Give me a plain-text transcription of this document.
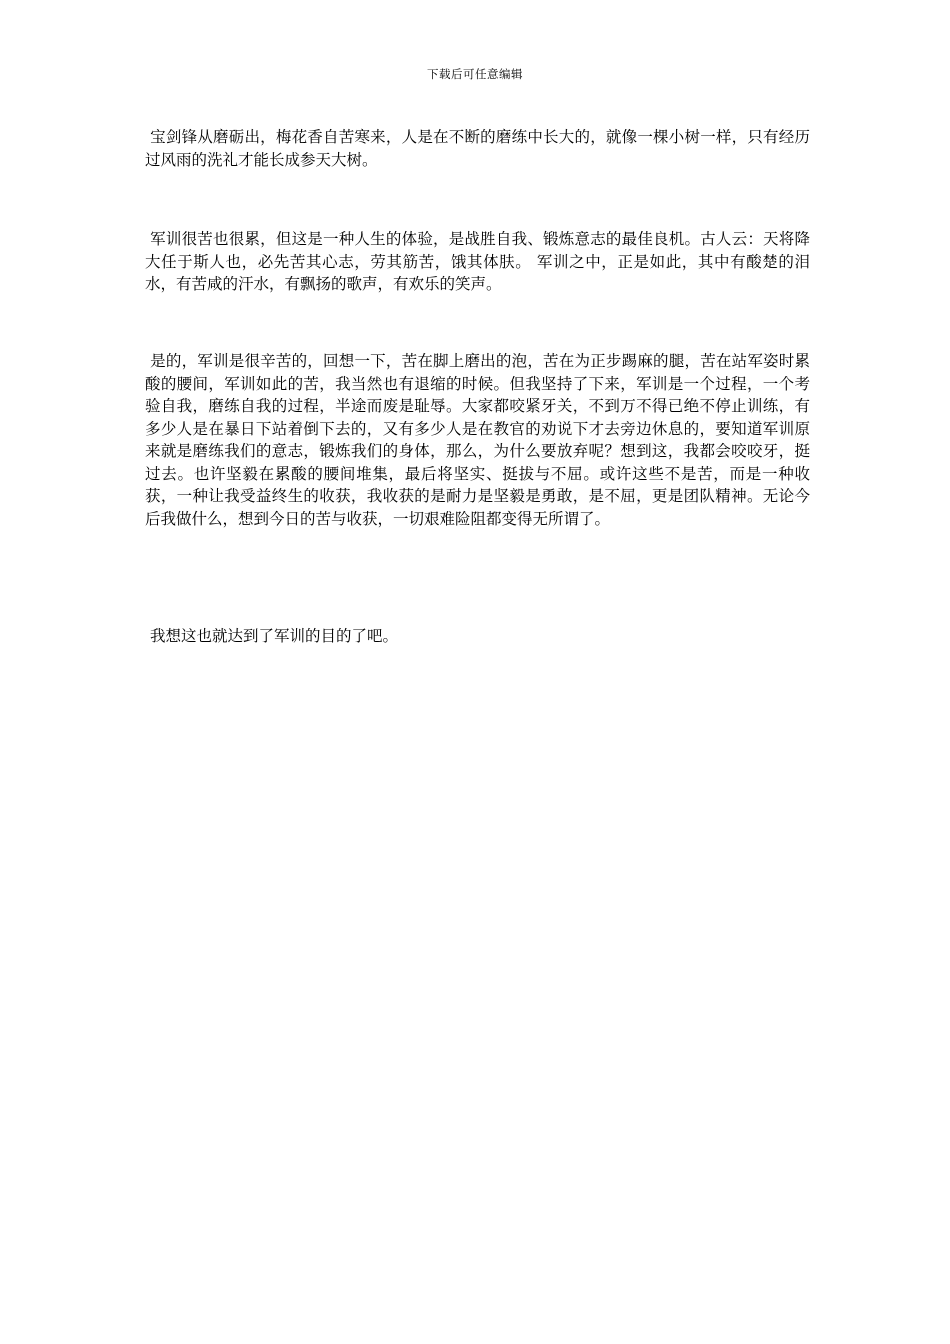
下载后可任意编辑

宝剑锋从磨砺出，梅花香自苦寒来，人是在不断的磨练中长大的，就像一棵小树一样，只有经历过风雨的洗礼才能长成参天大树。

军训很苦也很累，但这是一种人生的体验，是战胜自我、锻炼意志的最佳良机。古人云：天将降大任于斯人也，必先苦其心志，劳其筋苦，饿其体肤。 军训之中，正是如此，其中有酸楚的泪水，有苦咸的汗水，有飘扬的歌声，有欢乐的笑声。

是的，军训是很辛苦的，回想一下，苦在脚上磨出的泡，苦在为正步踢麻的腿，苦在站军姿时累酸的腰间，军训如此的苦，我当然也有退缩的时候。但我坚持了下来，军训是一个过程，一个考验自我，磨练自我的过程，半途而废是耻辱。大家都咬紧牙关，不到万不得已绝不停止训练，有多少人是在暴日下站着倒下去的，又有多少人是在教官的劝说下才去旁边休息的，要知道军训原来就是磨练我们的意志，锻炼我们的身体，那么，为什么要放弃呢？想到这，我都会咬咬牙，挺过去。也许坚毅在累酸的腰间堆集，最后将坚实、挺拔与不屈。或许这些不是苦，而是一种收获，一种让我受益终生的收获，我收获的是耐力是坚毅是勇敢，是不屈，更是团队精神。无论今后我做什么，想到今日的苦与收获，一切艰难险阻都变得无所谓了。

我想这也就达到了军训的目的了吧。
